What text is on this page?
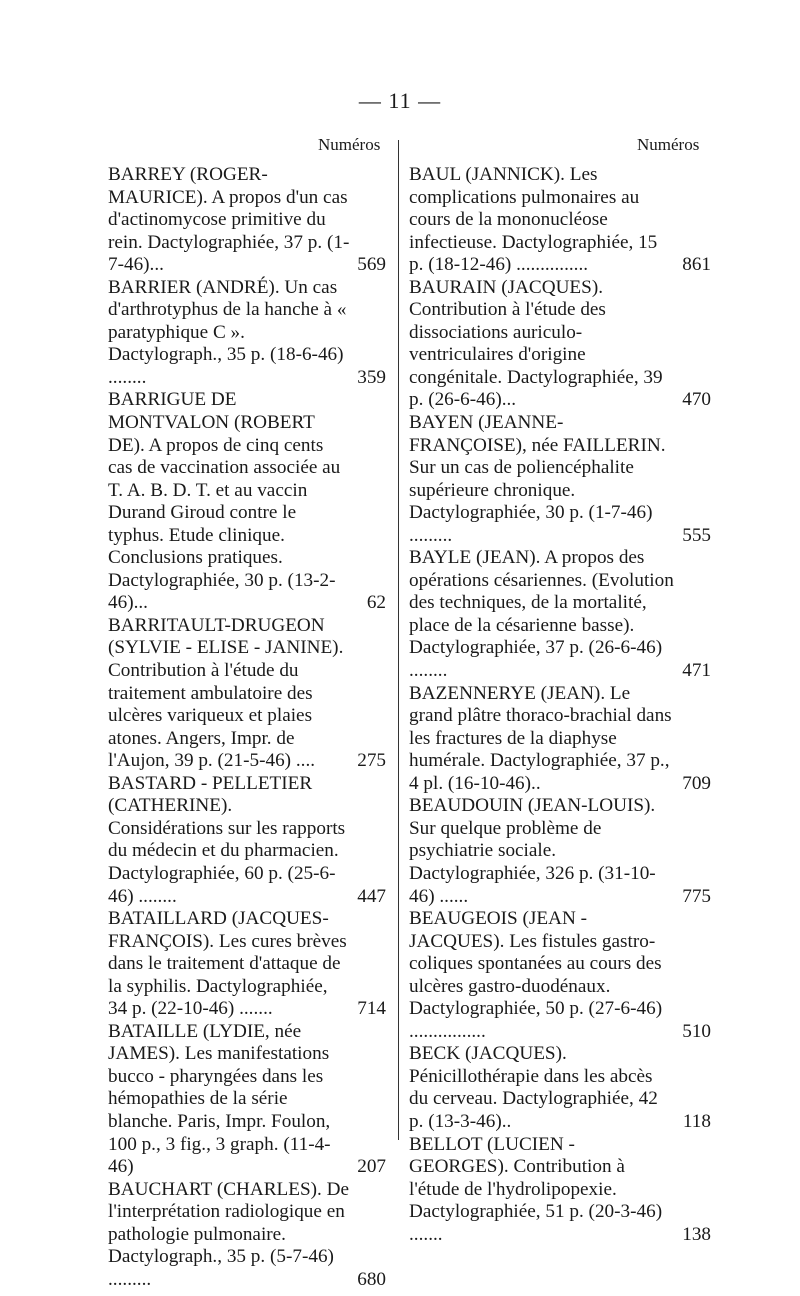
— 11 —
Numéros	Numéros
BARREY (ROGER-MAURICE). A propos d'un cas d'actinomycose primitive du rein. Dactylographiée, 37 p. (1-7-46)...	569
BARRIER (ANDRÉ). Un cas d'arthrotyphus de la hanche à « paratyphique C ». Dactylograph., 35 p. (18-6-46) ........	359
BARRIGUE DE MONTVALON (ROBERT DE). A propos de cinq cents cas de vaccination associée au T. A. B. D. T. et au vaccin Durand Giroud contre le typhus. Etude clinique. Conclusions pratiques. Dactylographiée, 30 p. (13-2-46)...	62
BARRITAULT-DRUGEON (SYLVIE - ELISE - JANINE). Contribution à l'étude du traitement ambulatoire des ulcères variqueux et plaies atones. Angers, Impr. de l'Aujon, 39 p. (21-5-46) ....	275
BASTARD - PELLETIER (CATHERINE). Considérations sur les rapports du médecin et du pharmacien. Dactylographiée, 60 p. (25-6-46) ........	447
BATAILLARD (JACQUES-FRANÇOIS). Les cures brèves dans le traitement d'attaque de la syphilis. Dactylographiée, 34 p. (22-10-46) .......	714
BATAILLE (LYDIE, née JAMES). Les manifestations bucco - pharyngées dans les hémopathies de la série blanche. Paris, Impr. Foulon, 100 p., 3 fig., 3 graph. (11-4-46)	207
BAUCHART (CHARLES). De l'interprétation radiologique en pathologie pulmonaire. Dactylograph., 35 p. (5-7-46) .........	680
BAUL (JANNICK). Les complications pulmonaires au cours de la mononucléose infectieuse. Dactylographiée, 15 p. (18-12-46) ...............	861
BAURAIN (JACQUES). Contribution à l'étude des dissociations auriculo-ventriculaires d'origine congénitale. Dactylographiée, 39 p. (26-6-46)...	470
BAYEN (JEANNE-FRANÇOISE), née FAILLERIN. Sur un cas de poliencéphalite supérieure chronique. Dactylographiée, 30 p. (1-7-46) .........	555
BAYLE (JEAN). A propos des opérations césariennes. (Evolution des techniques, de la mortalité, place de la césarienne basse). Dactylographiée, 37 p. (26-6-46) ........	471
BAZENNERYE (JEAN). Le grand plâtre thoraco-brachial dans les fractures de la diaphyse humérale. Dactylographiée, 37 p., 4 pl. (16-10-46)..	709
BEAUDOUIN (JEAN-LOUIS). Sur quelque problème de psychiatrie sociale. Dactylographiée, 326 p. (31-10-46) ......	775
BEAUGEOIS (JEAN - JACQUES). Les fistules gastro-coliques spontanées au cours des ulcères gastro-duodénaux. Dactylographiée, 50 p. (27-6-46) ................	510
BECK (JACQUES). Pénicillothérapie dans les abcès du cerveau. Dactylographiée, 42 p. (13-3-46)..	118
BELLOT (LUCIEN - GEORGES). Contribution à l'étude de l'hydrolipopexie. Dactylographiée, 51 p. (20-3-46) .......	138
